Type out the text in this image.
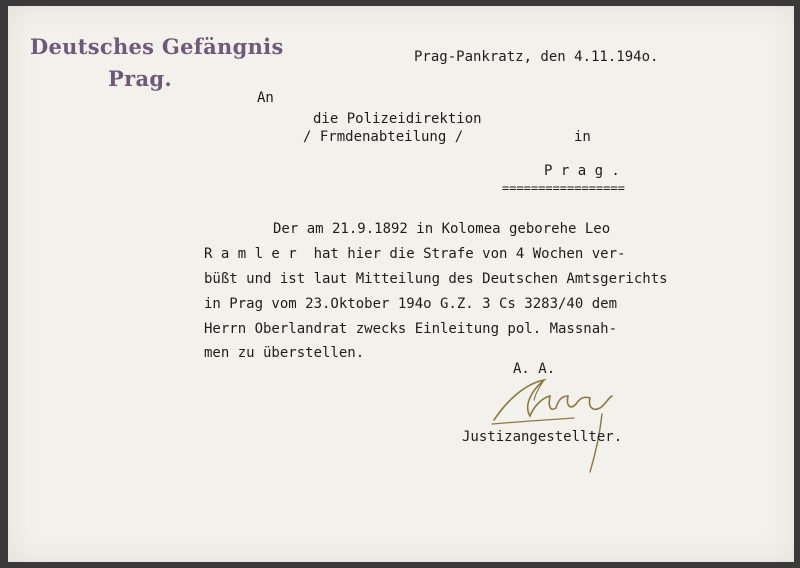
Deutsches Gefängnis
Prag.
Prag-Pankratz, den 4.11.194o.
An
die Polizeidirektion
/ Frmdenabteilung /	in
P r a g .
=================
Der am 21.9.1892 in Kolomea geborehe Leo
R a m l e r  hat hier die Strafe von 4 Wochen ver-
büßt und ist laut Mitteilung des Deutschen Amtsgerichts
in Prag vom 23.Oktober 194o G.Z. 3 Cs 3283/40 dem
Herrn Oberlandrat zwecks Einleitung pol. Massnah-
men zu überstellen.
A. A.
Justizangestellter.
